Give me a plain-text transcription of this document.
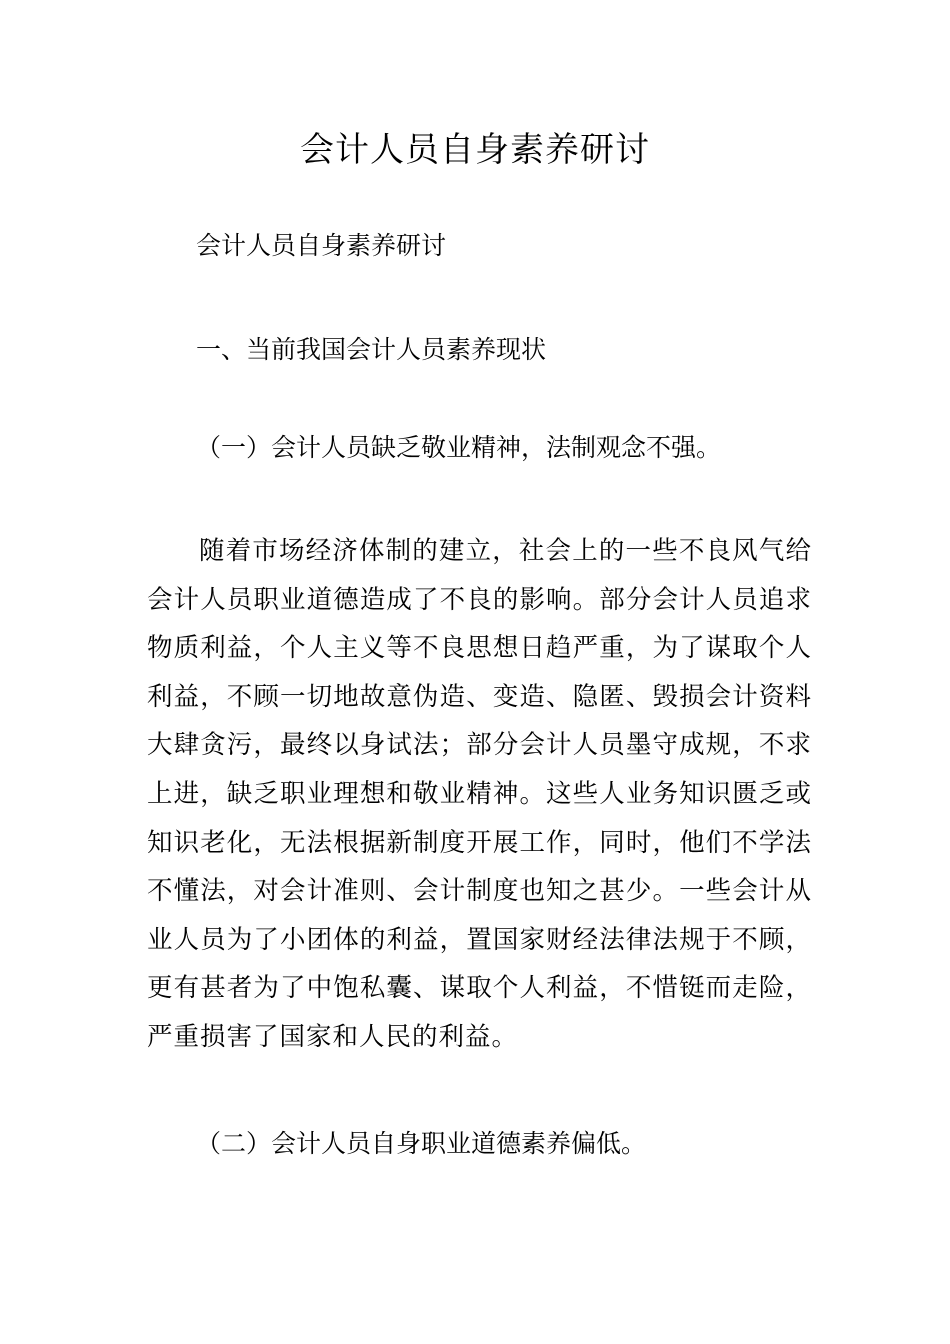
会计人员自身素养研讨

会计人员自身素养研讨

一、当前我国会计人员素养现状

（一）会计人员缺乏敬业精神，法制观念不强。

随着市场经济体制的建立，社会上的一些不良风气给会计人员职业道德造成了不良的影响。部分会计人员追求物质利益，个人主义等不良思想日趋严重，为了谋取个人利益，不顾一切地故意伪造、变造、隐匿、毁损会计资料大肆贪污，最终以身试法；部分会计人员墨守成规，不求上进，缺乏职业理想和敬业精神。这些人业务知识匮乏或知识老化，无法根据新制度开展工作，同时，他们不学法不懂法，对会计准则、会计制度也知之甚少。一些会计从业人员为了小团体的利益，置国家财经法律法规于不顾，更有甚者为了中饱私囊、谋取个人利益，不惜铤而走险，严重损害了国家和人民的利益。

（二）会计人员自身职业道德素养偏低。
